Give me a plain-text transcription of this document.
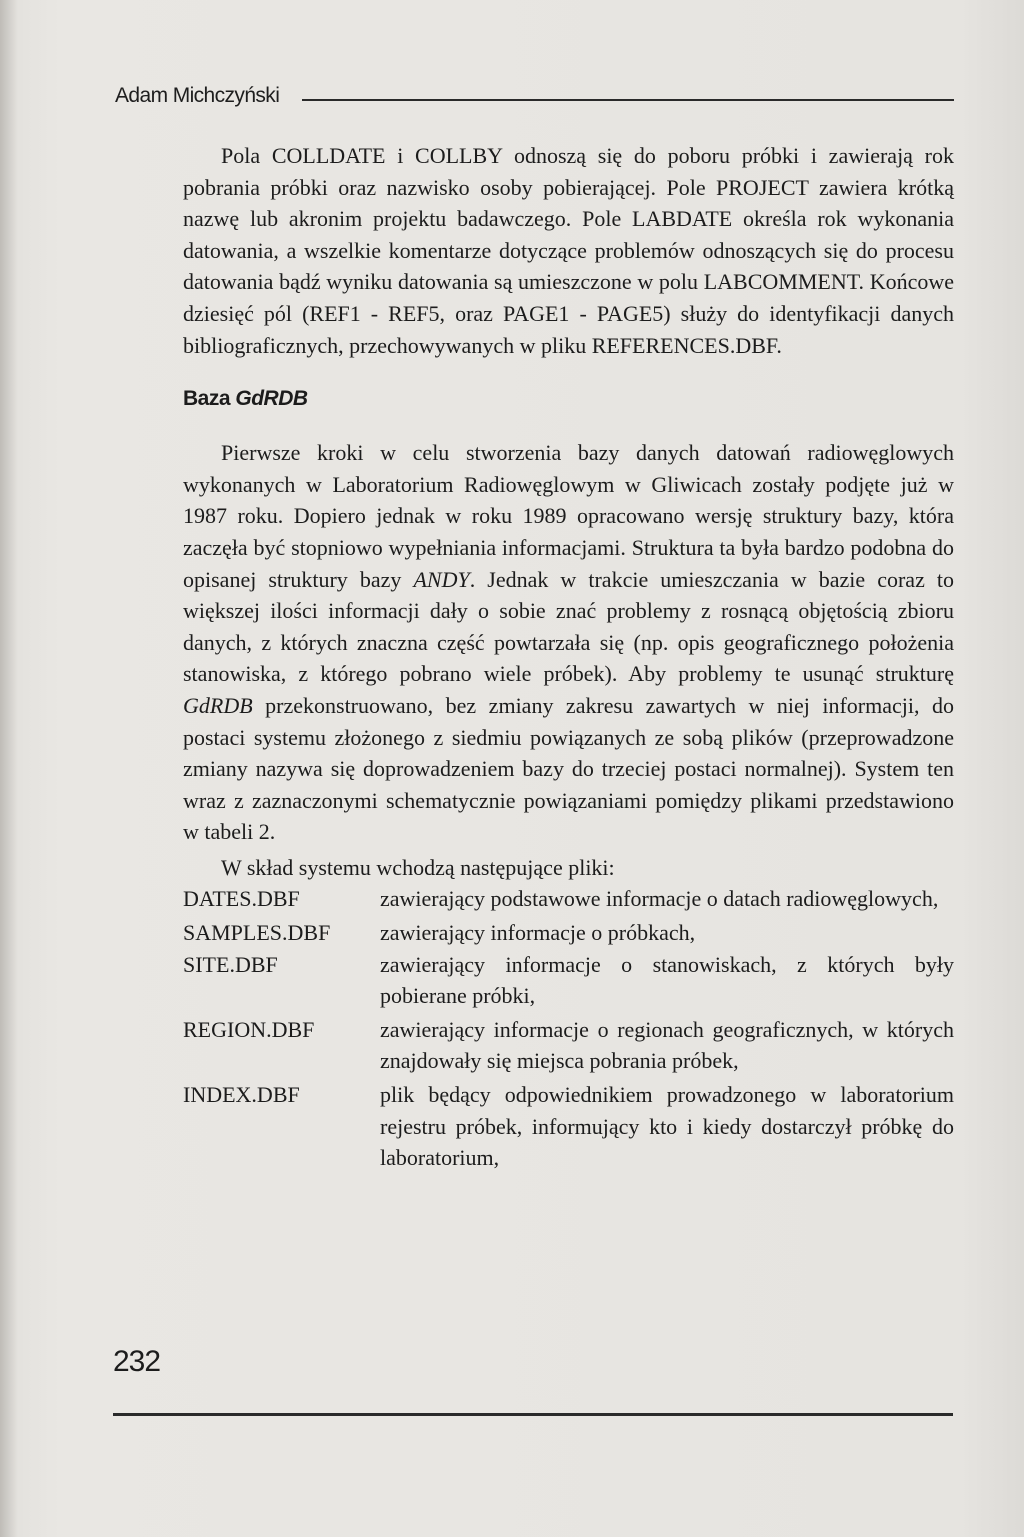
Adam Michczyński

Pola COLLDATE i COLLBY odnoszą się do poboru próbki i zawierają rok pobrania próbki oraz nazwisko osoby pobierającej. Pole PROJECT zawiera krótką nazwę lub akronim projektu badawczego. Pole LABDATE określa rok wykonania datowania, a wszelkie komentarze dotyczące problemów odnoszących się do procesu datowania bądź wyniku datowania są umieszczone w polu LABCOMMENT. Końcowe dziesięć pól (REF1 - REF5, oraz PAGE1 - PAGE5) służy do identyfikacji danych bibliograficznych, przechowywanych w pliku REFERENCES.DBF.

Baza GdRDB

Pierwsze kroki w celu stworzenia bazy danych datowań radiowęglowych wykonanych w Laboratorium Radiowęglowym w Gliwicach zostały podjęte już w 1987 roku. Dopiero jednak w roku 1989 opracowano wersję struktury bazy, która zaczęła być stopniowo wypełniania informacjami. Struktura ta była bardzo podobna do opisanej struktury bazy ANDY. Jednak w trakcie umieszczania w bazie coraz to większej ilości informacji dały o sobie znać problemy z rosnącą objętością zbioru danych, z których znaczna część powtarzała się (np. opis geograficznego położenia stanowiska, z którego pobrano wiele próbek). Aby problemy te usunąć strukturę GdRDB przekonstruowano, bez zmiany zakresu zawartych w niej informacji, do postaci systemu złożonego z siedmiu powiązanych ze sobą plików (przeprowadzone zmiany nazywa się doprowadzeniem bazy do trzeciej postaci normalnej). System ten wraz z zaznaczonymi schematycznie powiązaniami pomiędzy plikami przedstawiono w tabeli 2.

W skład systemu wchodzą następujące pliki:

DATES.DBF	zawierający podstawowe informacje o datach radiowęglowych,
SAMPLES.DBF	zawierający informacje o próbkach,
SITE.DBF	zawierający informacje o stanowiskach, z których były pobierane próbki,
REGION.DBF	zawierający informacje o regionach geograficznych, w których znajdowały się miejsca pobrania próbek,
INDEX.DBF	plik będący odpowiednikiem prowadzonego w laboratorium rejestru próbek, informujący kto i kiedy dostarczył próbkę do laboratorium,
232
